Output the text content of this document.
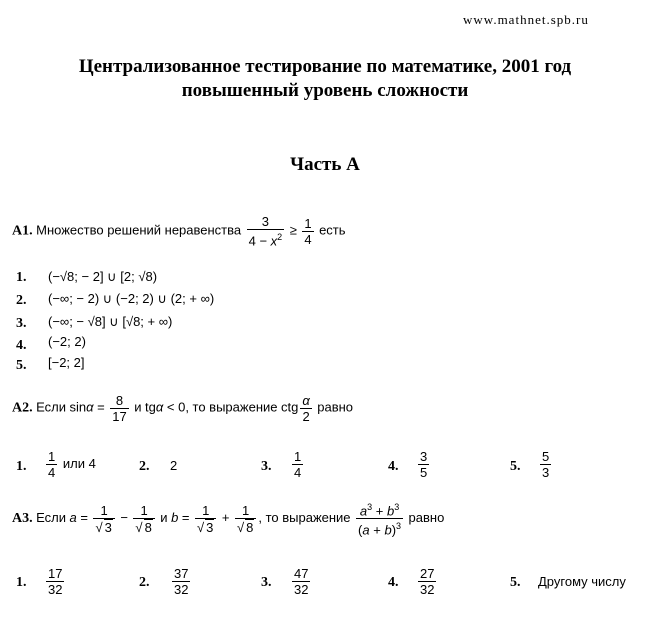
www.mathnet.spb.ru
Централизованное тестирование по математике, 2001 год
повышенный уровень сложности
Часть А
А1. Множество решений неравенства $\frac{3}{4 - x^2} \ge \frac{1}{4}$ есть
1. (−√8; − 2] ∪ [2; √8)
2. (−∞; − 2) ∪ (−2; 2) ∪ (2; + ∞)
3. (−∞; − √8] ∪ [√8; + ∞)
4. (−2; 2)
5. [−2; 2]
А2. Если $\sin\alpha = \frac{8}{17}$ и tgα < 0, то выражение ctg $\frac{\alpha}{2}$ равно
1. $\frac{1}{4}$ или 4	2. 2	3. $\frac{1}{4}$	4. $\frac{3}{5}$	5. $\frac{5}{3}$
А3. Если a = 1
√ 3 − 1
√ 8 и b = 1
√ 3 + 1
√ 8 , то выражение $\frac{a^3 + b^3}{(a + b)^3}$ равно
1. $\frac{17}{32}$	2. $\frac{37}{32}$	3. $\frac{47}{32}$	4. $\frac{27}{32}$	5. Другому числу
